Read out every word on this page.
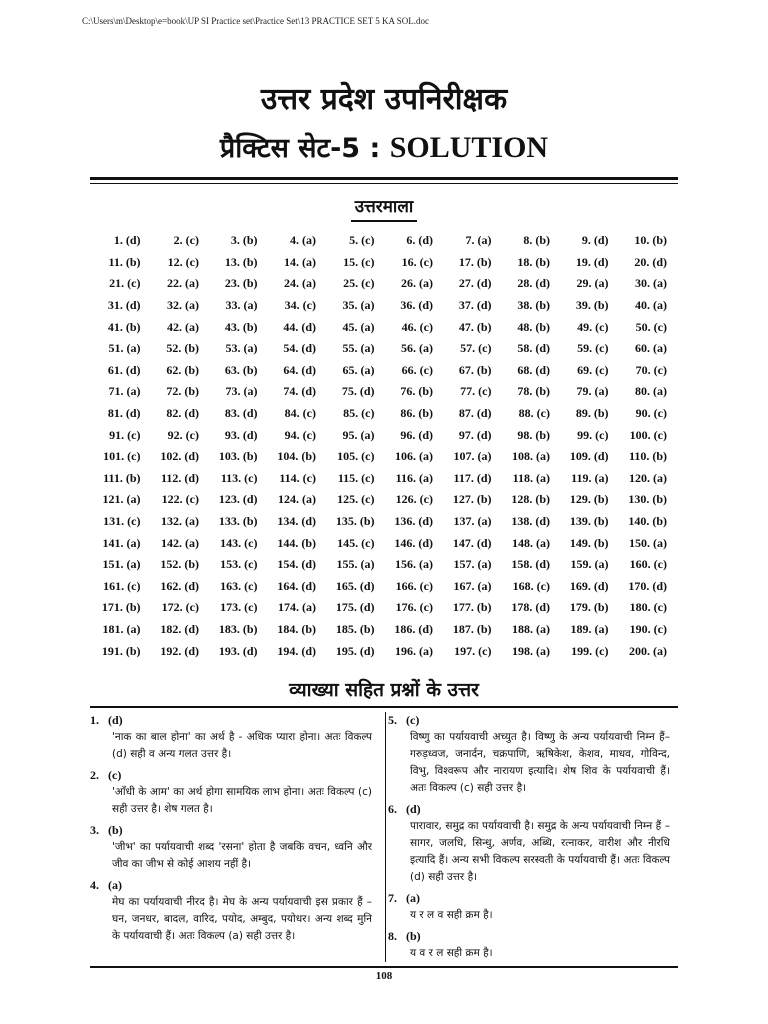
C:\Users\m\Desktop\e=book\UP SI Practice set\Practice Set\13 PRACTICE SET 5 KA SOL.doc
उत्तर प्रदेश उपनिरीक्षक
प्रैक्टिस सेट-5 : SOLUTION
उत्तरमाला
1. (d)	2. (c)	3. (b)	4. (a)	5. (c)	6. (d)	7. (a)	8. (b)	9. (d)	10. (b)
11. (b)	12. (c)	13. (b)	14. (a)	15. (c)	16. (c)	17. (b)	18. (b)	19. (d)	20. (d)
21. (c)	22. (a)	23. (b)	24. (a)	25. (c)	26. (a)	27. (d)	28. (d)	29. (a)	30. (a)
31. (d)	32. (a)	33. (a)	34. (c)	35. (a)	36. (d)	37. (d)	38. (b)	39. (b)	40. (a)
41. (b)	42. (a)	43. (b)	44. (d)	45. (a)	46. (c)	47. (b)	48. (b)	49. (c)	50. (c)
51. (a)	52. (b)	53. (a)	54. (d)	55. (a)	56. (a)	57. (c)	58. (d)	59. (c)	60. (a)
61. (d)	62. (b)	63. (b)	64. (d)	65. (a)	66. (c)	67. (b)	68. (d)	69. (c)	70. (c)
71. (a)	72. (b)	73. (a)	74. (d)	75. (d)	76. (b)	77. (c)	78. (b)	79. (a)	80. (a)
81. (d)	82. (d)	83. (d)	84. (c)	85. (c)	86. (b)	87. (d)	88. (c)	89. (b)	90. (c)
91. (c)	92. (c)	93. (d)	94. (c)	95. (a)	96. (d)	97. (d)	98. (b)	99. (c)	100. (c)
101. (c)	102. (d)	103. (b)	104. (b)	105. (c)	106. (a)	107. (a)	108. (a)	109. (d)	110. (b)
111. (b)	112. (d)	113. (c)	114. (c)	115. (c)	116. (a)	117. (d)	118. (a)	119. (a)	120. (a)
121. (a)	122. (c)	123. (d)	124. (a)	125. (c)	126. (c)	127. (b)	128. (b)	129. (b)	130. (b)
131. (c)	132. (a)	133. (b)	134. (d)	135. (b)	136. (d)	137. (a)	138. (d)	139. (b)	140. (b)
141. (a)	142. (a)	143. (c)	144. (b)	145. (c)	146. (d)	147. (d)	148. (a)	149. (b)	150. (a)
151. (a)	152. (b)	153. (c)	154. (d)	155. (a)	156. (a)	157. (a)	158. (d)	159. (a)	160. (c)
161. (c)	162. (d)	163. (c)	164. (d)	165. (d)	166. (c)	167. (a)	168. (c)	169. (d)	170. (d)
171. (b)	172. (c)	173. (c)	174. (a)	175. (d)	176. (c)	177. (b)	178. (d)	179. (b)	180. (c)
181. (a)	182. (d)	183. (b)	184. (b)	185. (b)	186. (d)	187. (b)	188. (a)	189. (a)	190. (c)
191. (b)	192. (d)	193. (d)	194. (d)	195. (d)	196. (a)	197. (c)	198. (a)	199. (c)	200. (a)
व्याख्या सहित प्रश्नों के उत्तर
1. (d)
'नाक का बाल होना' का अर्थ है - अधिक प्यारा होना। अतः विकल्प (d) सही व अन्य गलत उत्तर है।
2. (c)
'आँधी के आम' का अर्थ होगा सामयिक लाभ होना। अतः विकल्प (c) सही उत्तर है। शेष गलत है।
3. (b)
'जीभ' का पर्यायवाची शब्द 'रसना' होता है जबकि वचन, ध्वनि और जीव का जीभ से कोई आशय नहीं है।
4. (a)
मेघ का पर्यायवाची नीरद है। मेघ के अन्य पर्यायवाची इस प्रकार हैं – घन, जनधर, बादल, वारिद, पयोद, अम्बुद, पयोधर। अन्य शब्द मुनि के पर्यायवाची हैं। अतः विकल्प (a) सही उत्तर है।
5. (c)
विष्णु का पर्यायवाची अच्युत है। विष्णु के अन्य पर्यायवाची निम्न हैं–गरुड़ध्वज, जनार्दन, चक्रपाणि, ऋषिकेश, केशव, माधव, गोविन्द, विभु, विश्वरूप और नारायण इत्यादि। शेष शिव के पर्यायवाची हैं। अतः विकल्प (c) सही उत्तर है।
6. (d)
पारावार, समुद्र का पर्यायवाची है। समुद्र के अन्य पर्यायवाची निम्न हैं – सागर, जलधि, सिन्धु, अर्णव, अब्धि, रत्नाकर, वारीश और नीरधि इत्यादि हैं। अन्य सभी विकल्प सरस्वती के पर्यायवाची हैं। अतः विकल्प (d) सही उत्तर है।
7. (a)
य र ल व सही क्रम है।
8. (b)
य व र ल सही क्रम है।
108
